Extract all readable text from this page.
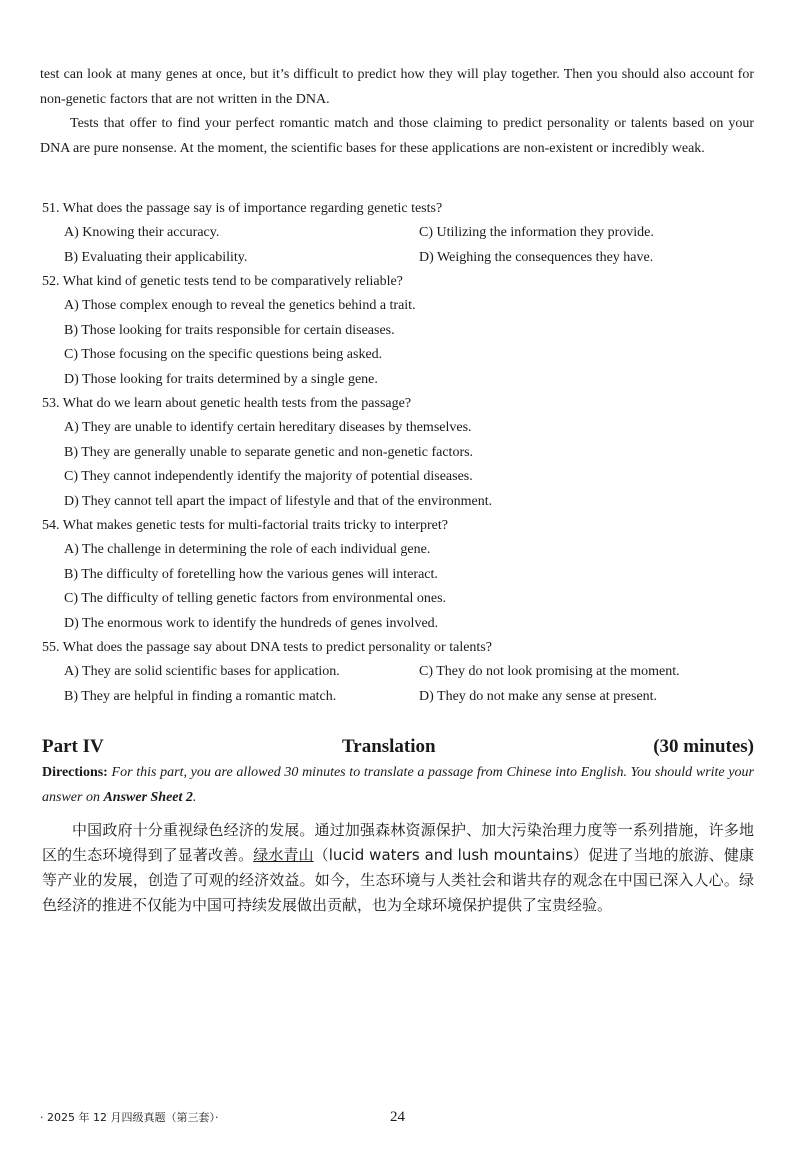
test can look at many genes at once, but it’s difficult to predict how they will play together. Then you should also account for non-genetic factors that are not written in the DNA.

Tests that offer to find your perfect romantic match and those claiming to predict personality or talents based on your DNA are pure nonsense. At the moment, the scientific bases for these applications are non-existent or incredibly weak.

51. What does the passage say is of importance regarding genetic tests?
A) Knowing their accuracy.	C) Utilizing the information they provide.
B) Evaluating their applicability.	D) Weighing the consequences they have.
52. What kind of genetic tests tend to be comparatively reliable?
A) Those complex enough to reveal the genetics behind a trait.
B) Those looking for traits responsible for certain diseases.
C) Those focusing on the specific questions being asked.
D) Those looking for traits determined by a single gene.
53. What do we learn about genetic health tests from the passage?
A) They are unable to identify certain hereditary diseases by themselves.
B) They are generally unable to separate genetic and non-genetic factors.
C) They cannot independently identify the majority of potential diseases.
D) They cannot tell apart the impact of lifestyle and that of the environment.
54. What makes genetic tests for multi-factorial traits tricky to interpret?
A) The challenge in determining the role of each individual gene.
B) The difficulty of foretelling how the various genes will interact.
C) The difficulty of telling genetic factors from environmental ones.
D) The enormous work to identify the hundreds of genes involved.
55. What does the passage say about DNA tests to predict personality or talents?
A) They are solid scientific bases for application.	C) They do not look promising at the moment.
B) They are helpful in finding a romantic match.	D) They do not make any sense at present.
Part IV	Translation	(30 minutes)

Directions: For this part, you are allowed 30 minutes to translate a passage from Chinese into English. You should write your answer on Answer Sheet 2.

中国政府十分重视绿色经济的发展。通过加强森林资源保护、加大污染治理力度等一系列措施，许多地区的生态环境得到了显著改善。绿水青山（lucid waters and lush mountains）促进了当地的旅游、健康等产业的发展，创造了可观的经济效益。如今，生态环境与人类社会和谐共存的观念在中国已深入人心。绿色经济的推进不仅能为中国可持续发展做出贡献，也为全球环境保护提供了宝贵经验。

· 2025 年 12 月四级真题（第三套）·	24
